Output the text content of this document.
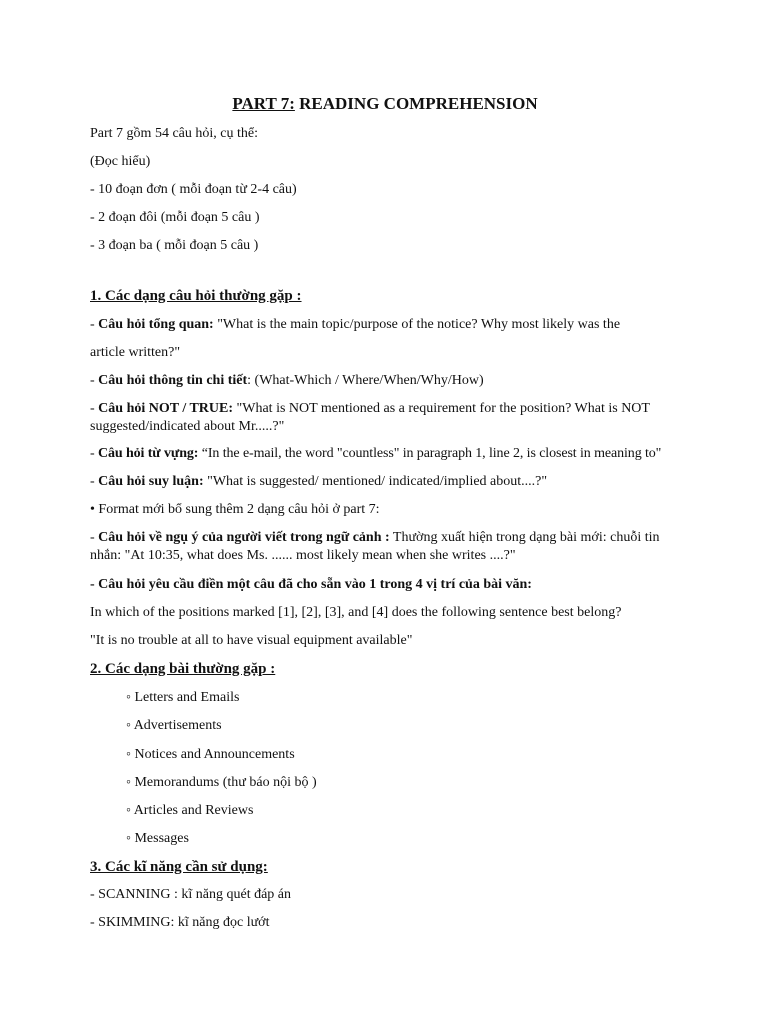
PART 7: READING COMPREHENSION
Part 7 gồm 54 câu hỏi, cụ thể:
(Đọc hiểu)
- 10 đoạn đơn ( mỗi đoạn từ 2-4 câu)
- 2 đoạn đôi (mỗi đoạn 5 câu )
- 3 đoạn ba ( mỗi đoạn 5 câu )
1. Các dạng câu hỏi thường gặp :
- Câu hỏi tổng quan: "What is the main topic/purpose of the notice? Why most likely was the
article written?"
- Câu hỏi thông tin chi tiết: (What-Which / Where/When/Why/How)
- Câu hỏi NOT / TRUE: "What is NOT mentioned as a requirement for the position? What is NOT suggested/indicated about Mr.....?"
- Câu hỏi từ vựng: “In the e-mail, the word "countless" in paragraph 1, line 2, is closest in meaning to"
- Câu hỏi suy luận: "What is suggested/ mentioned/ indicated/implied about....?"
• Format mới bổ sung thêm 2 dạng câu hỏi ở part 7:
- Câu hỏi về ngụ ý của người viết trong ngữ cảnh : Thường xuất hiện trong dạng bài mới: chuỗi tin nhắn: "At 10:35, what does Ms. ...... most likely mean when she writes ....?"
- Câu hỏi yêu cầu điền một câu đã cho sẵn vào 1 trong 4 vị trí của bài văn:
In which of the positions marked [1], [2], [3], and [4] does the following sentence best belong?
"It is no trouble at all to have visual equipment available"
2. Các dạng bài thường gặp :
◦ Letters and Emails
◦ Advertisements
◦ Notices and Announcements
◦ Memorandums (thư báo nội bộ )
◦ Articles and Reviews
◦ Messages
3. Các kĩ năng cần sử dụng:
- SCANNING : kĩ năng quét đáp án
- SKIMMING: kĩ năng đọc lướt
